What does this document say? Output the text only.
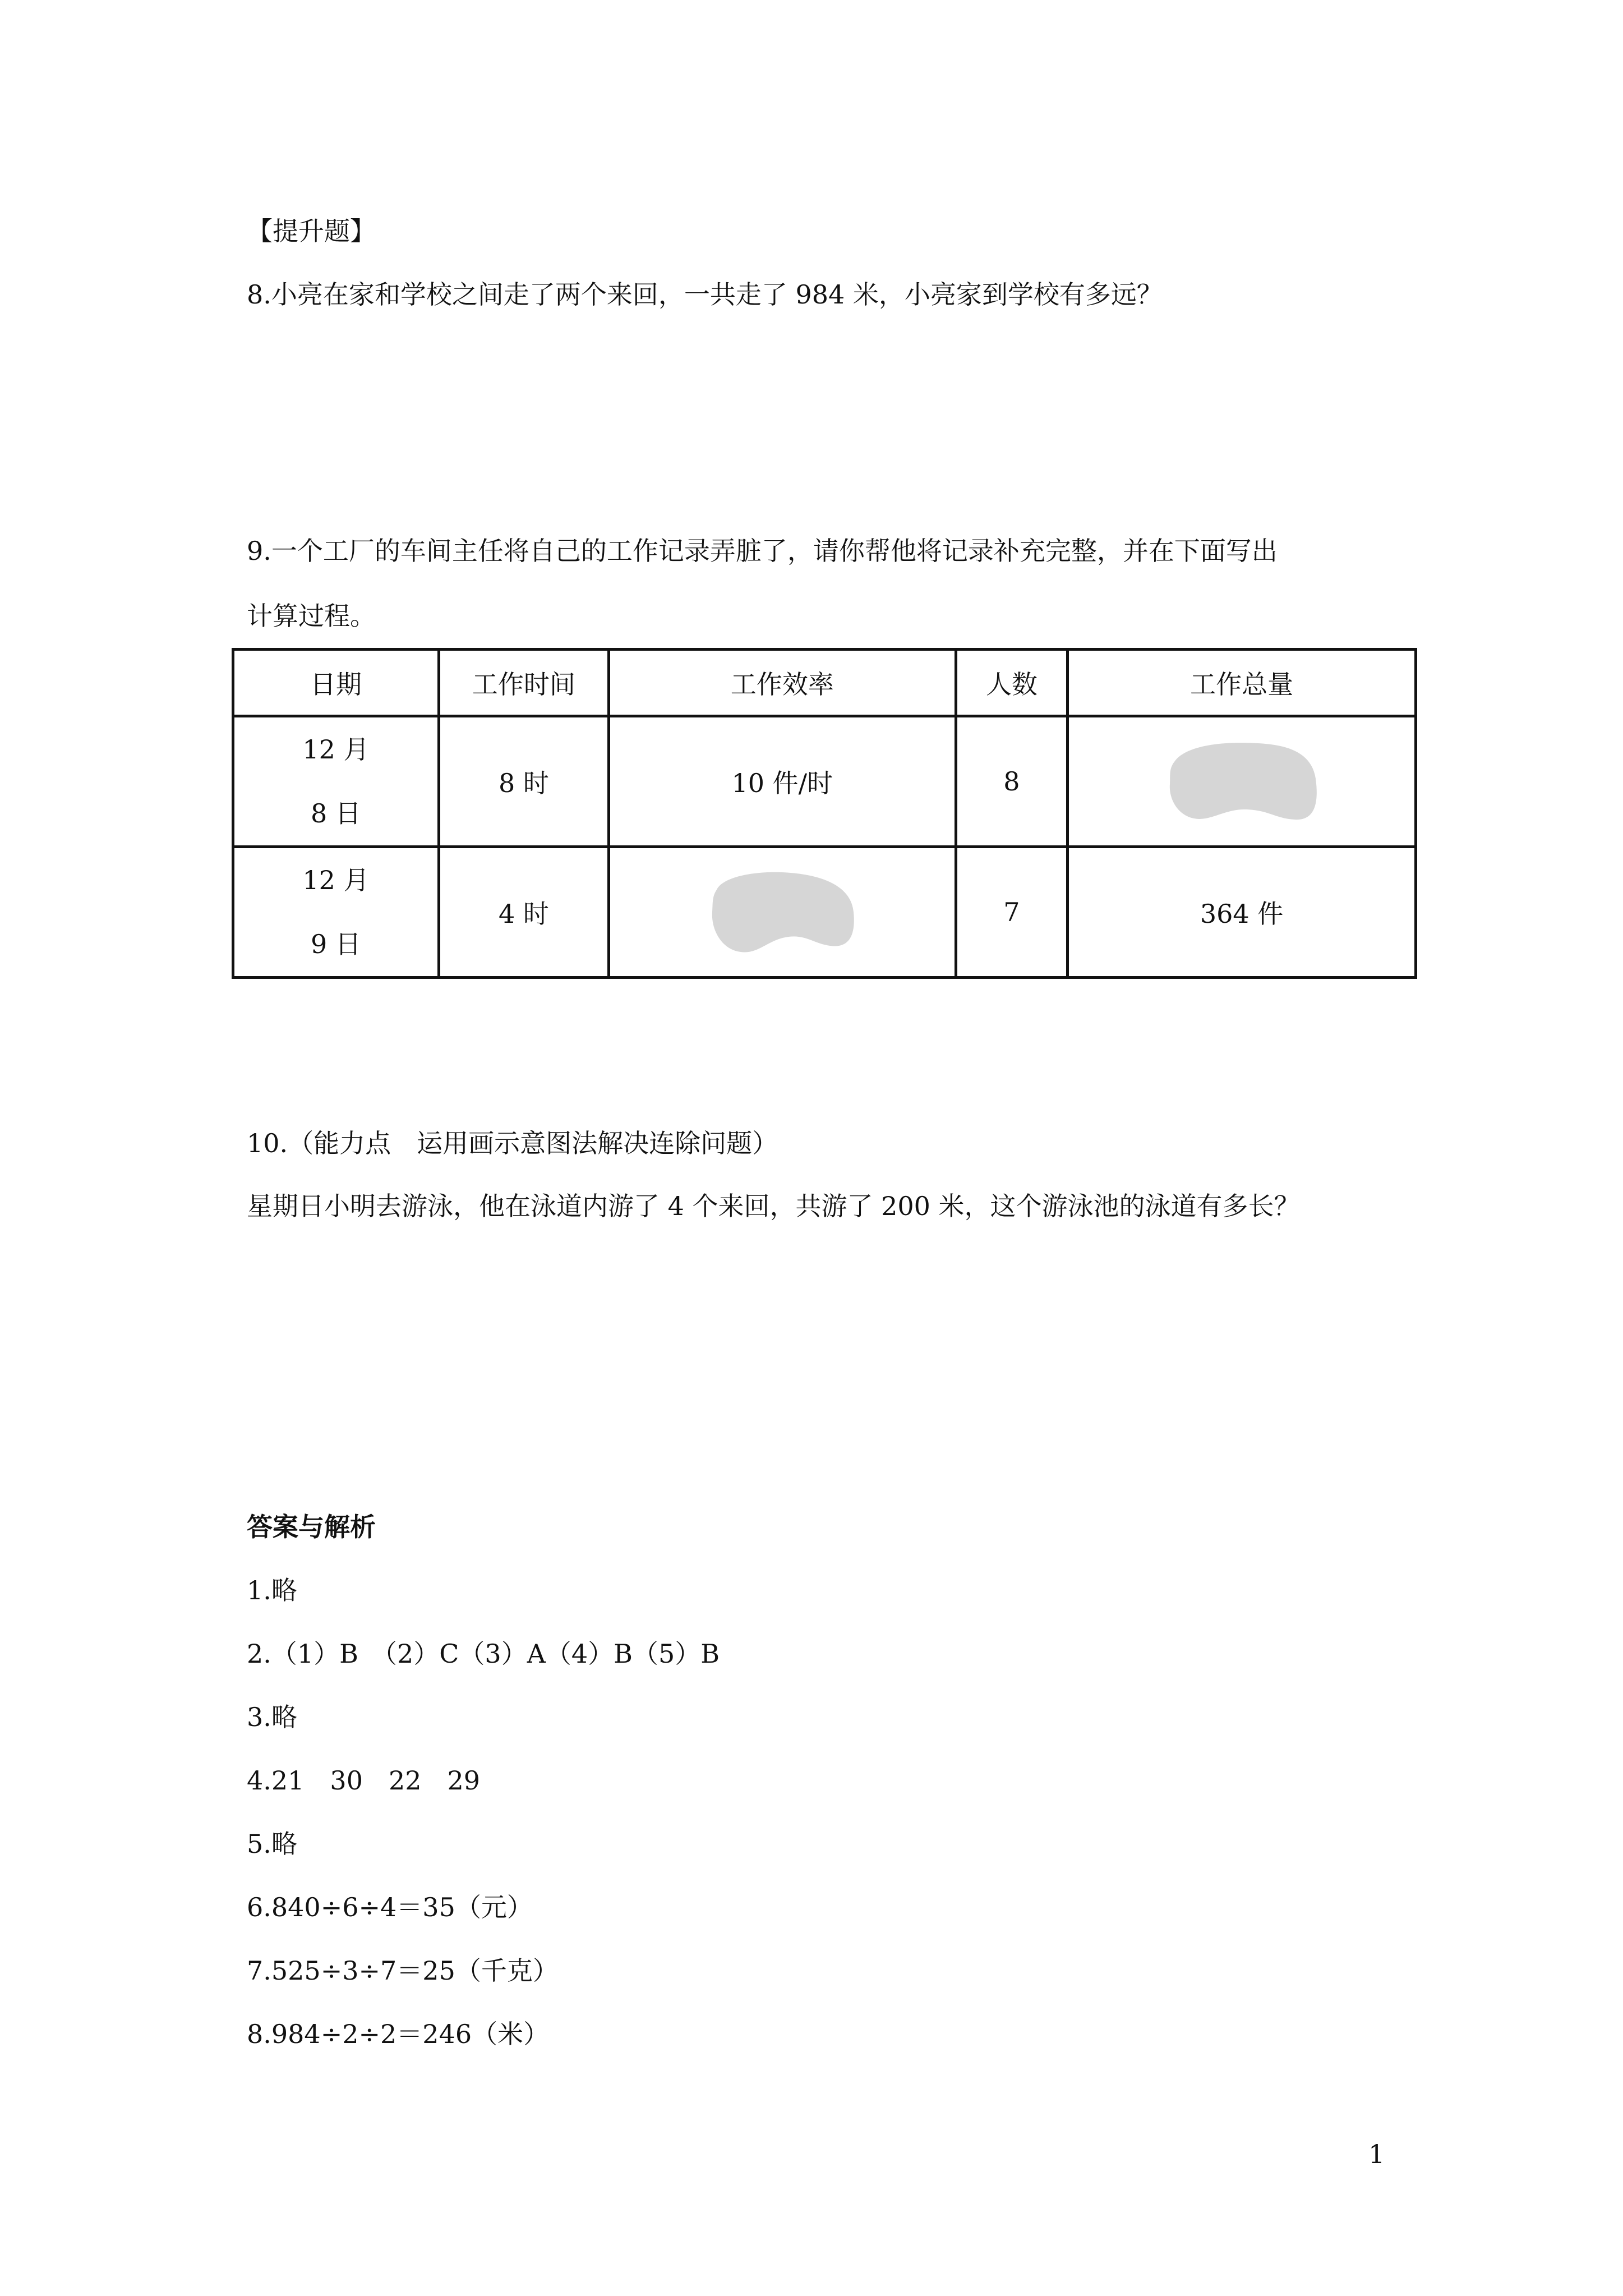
【提升题】
8.小亮在家和学校之间走了两个来回，一共走了 984 米，小亮家到学校有多远？
9.一个工厂的车间主任将自己的工作记录弄脏了，请你帮他将记录补充完整，并在下面写出
计算过程。
日期	工作时间	工作效率	人数	工作总量

12 月
8 日	8 时	10 件/时	8	

12 月
9 日	4 时		7	364 件
10.（能力点　运用画示意图法解决连除问题）
星期日小明去游泳，他在泳道内游了 4 个来回，共游了 200 米，这个游泳池的泳道有多长？
答案与解析
1.略
2.（1）B　（2）C（3）A（4）B（5）B
3.略
4.21　30　22　29
5.略
6.840÷6÷4＝35（元）
7.525÷3÷7＝25（千克）
8.984÷2÷2＝246（米）
1
